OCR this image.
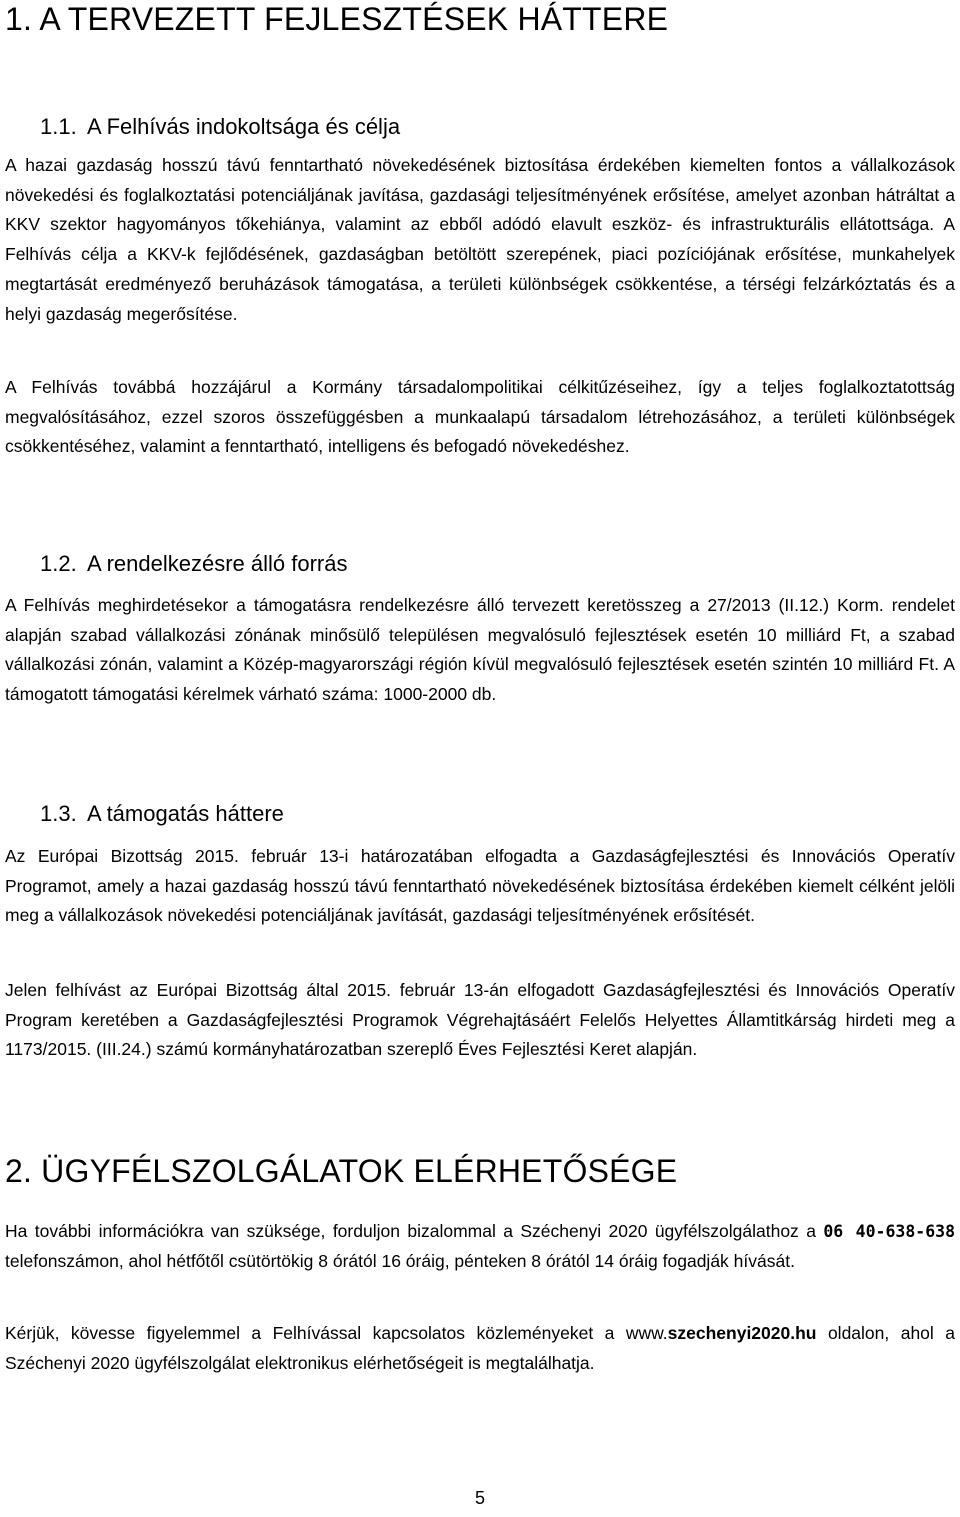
1. A TERVEZETT FEJLESZTÉSEK HÁTTERE
1.1. A Felhívás indokoltsága és célja

A hazai gazdaság hosszú távú fenntartható növekedésének biztosítása érdekében kiemelten fontos a vállalkozások növekedési és foglalkoztatási potenciáljának javítása, gazdasági teljesítményének erősítése, amelyet azonban hátráltat a KKV szektor hagyományos tőkehiánya, valamint az ebből adódó elavult eszköz- és infrastrukturális ellátottsága. A Felhívás célja a KKV-k fejlődésének, gazdaságban betöltött szerepének, piaci pozíciójának erősítése, munkahelyek megtartását eredményező beruházások támogatása, a területi különbségek csökkentése, a térségi felzárkóztatás és a helyi gazdaság megerősítése.

A Felhívás továbbá hozzájárul a Kormány társadalompolitikai célkitűzéseihez, így a teljes foglalkoztatottság megvalósításához, ezzel szoros összefüggésben a munkaalapú társadalom létrehozásához, a területi különbségek csökkentéséhez, valamint a fenntartható, intelligens és befogadó növekedéshez.

1.2. A rendelkezésre álló forrás

A Felhívás meghirdetésekor a támogatásra rendelkezésre álló tervezett keretösszeg a 27/2013 (II.12.) Korm. rendelet alapján szabad vállalkozási zónának minősülő településen megvalósuló fejlesztések esetén 10 milliárd Ft, a szabad vállalkozási zónán, valamint a Közép-magyarországi régión kívül megvalósuló fejlesztések esetén szintén 10 milliárd Ft. A támogatott támogatási kérelmek várható száma: 1000-2000 db.

1.3. A támogatás háttere

Az Európai Bizottság 2015. február 13-i határozatában elfogadta a Gazdaságfejlesztési és Innovációs Operatív Programot, amely a hazai gazdaság hosszú távú fenntartható növekedésének biztosítása érdekében kiemelt célként jelöli meg a vállalkozások növekedési potenciáljának javítását, gazdasági teljesítményének erősítését.

Jelen felhívást az Európai Bizottság által 2015. február 13-án elfogadott Gazdaságfejlesztési és Innovációs Operatív Program keretében a Gazdaságfejlesztési Programok Végrehajtásáért Felelős Helyettes Államtitkárság hirdeti meg a 1173/2015. (III.24.) számú kormányhatározatban szereplő Éves Fejlesztési Keret alapján.

2. ÜGYFÉLSZOLGÁLATOK ELÉRHETŐSÉGE

Ha további információkra van szüksége, forduljon bizalommal a Széchenyi 2020 ügyfélszolgálathoz a 06 40-638-638 telefonszámon, ahol hétfőtől csütörtökig 8 órától 16 óráig, pénteken 8 órától 14 óráig fogadják hívását.

Kérjük, kövesse figyelemmel a Felhívással kapcsolatos közleményeket a www.szechenyi2020.hu oldalon, ahol a Széchenyi 2020 ügyfélszolgálat elektronikus elérhetőségeit is megtalálhatja.

5
